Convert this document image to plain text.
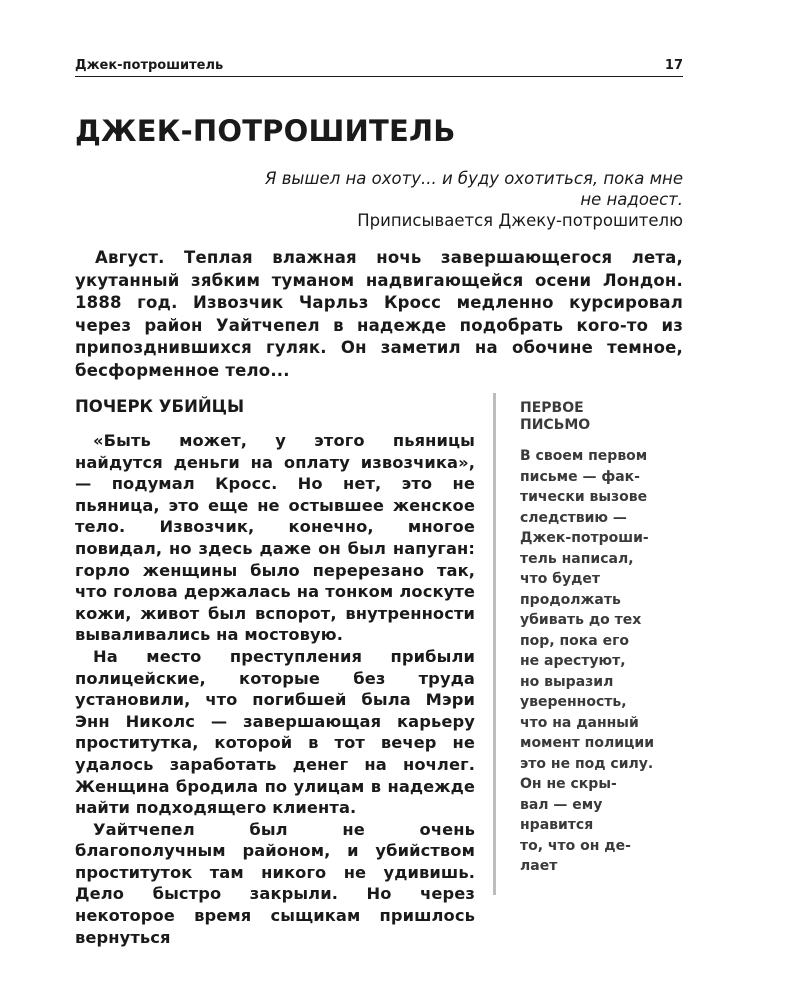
Джек-потрошитель	17
ДЖЕК-ПОТРОШИТЕЛЬ
Я вышел на охоту... и буду охотиться, пока мне
не надоест.
Приписывается Джеку-потрошителю

Август. Теплая влажная ночь завершающегося лета, укутанный зябким туманом надвигающейся осени Лондон. 1888 год. Извозчик Чарльз Кросс медленно курсировал через район Уайтчепел в надежде подобрать кого-то из припозднившихся гуляк. Он заметил на обочине темное, бесформенное тело...

ПОЧЕРК УБИЙЦЫ

«Быть может, у этого пьяницы найдутся деньги на оплату извозчика», — подумал Кросс. Но нет, это не пьяница, это еще не остывшее женское тело. Извозчик, конечно, многое повидал, но здесь даже он был напуган: горло женщины было перерезано так, что голова держалась на тонком лоскуте кожи, живот был вспорот, внутренности вываливались на мостовую.

На место преступления прибыли полицейские, которые без труда установили, что погибшей была Мэри Энн Николс — завершающая карьеру проститутка, которой в тот вечер не удалось заработать денег на ночлег. Женщина бродила по улицам в надежде найти подходящего клиента.

Уайтчепел был не очень благополучным районом, и убийством проституток там никого не удивишь. Дело быстро закрыли. Но через некоторое время сыщикам пришлось вернуться

ПЕРВОЕ
ПИСЬМО
В своем первом
письме — фак-
тически вызове
следствию —
Джек-потроши-
тель написал,
что будет
продолжать
убивать до тех
пор, пока его
не арестуют,
но выразил
уверенность,
что на данный
момент полиции
это не под силу.
Он не скры-
вал — ему
нравится
то, что он де-
лает
